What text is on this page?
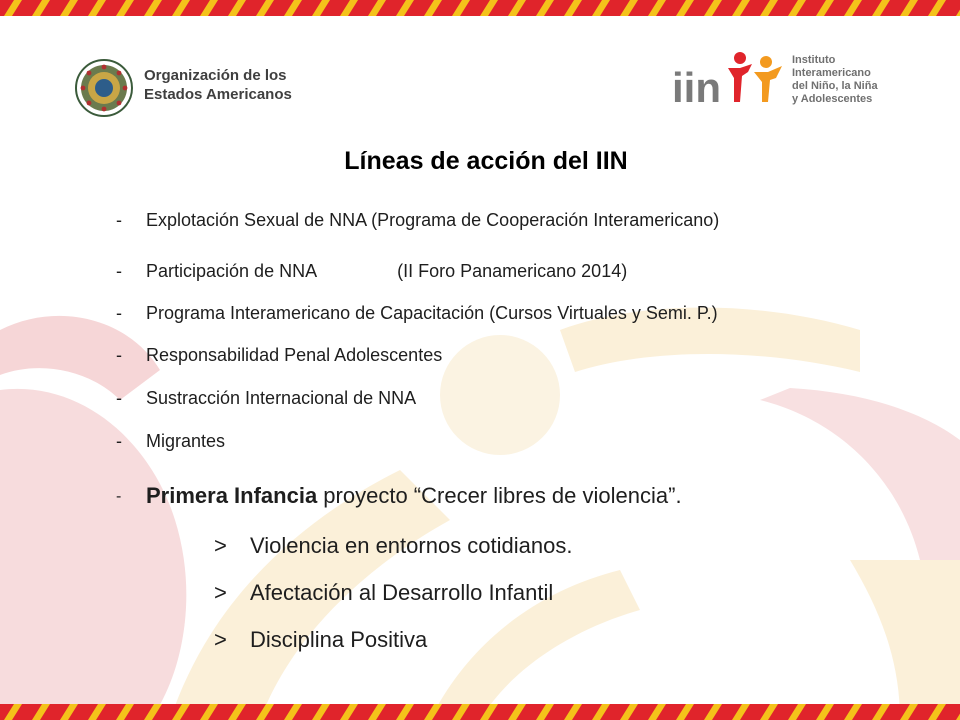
Organización de los
Estados Americanos	iin
Instituto
Interamericano
del Niño, la Niña
y Adolescentes
Líneas de acción del IIN
- Explotación Sexual de NNA (Programa de Cooperación Interamericano)
- Participación de NNA	(II Foro Panamericano 2014)
- Programa Interamericano de Capacitación (Cursos Virtuales y Semi. P.)
- Responsabilidad Penal Adolescentes
- Sustracción Internacional de NNA
- Migrantes
- Primera Infancia proyecto “Crecer libres de violencia”.
> Violencia en entornos cotidianos.
> Afectación al Desarrollo Infantil
> Disciplina Positiva
